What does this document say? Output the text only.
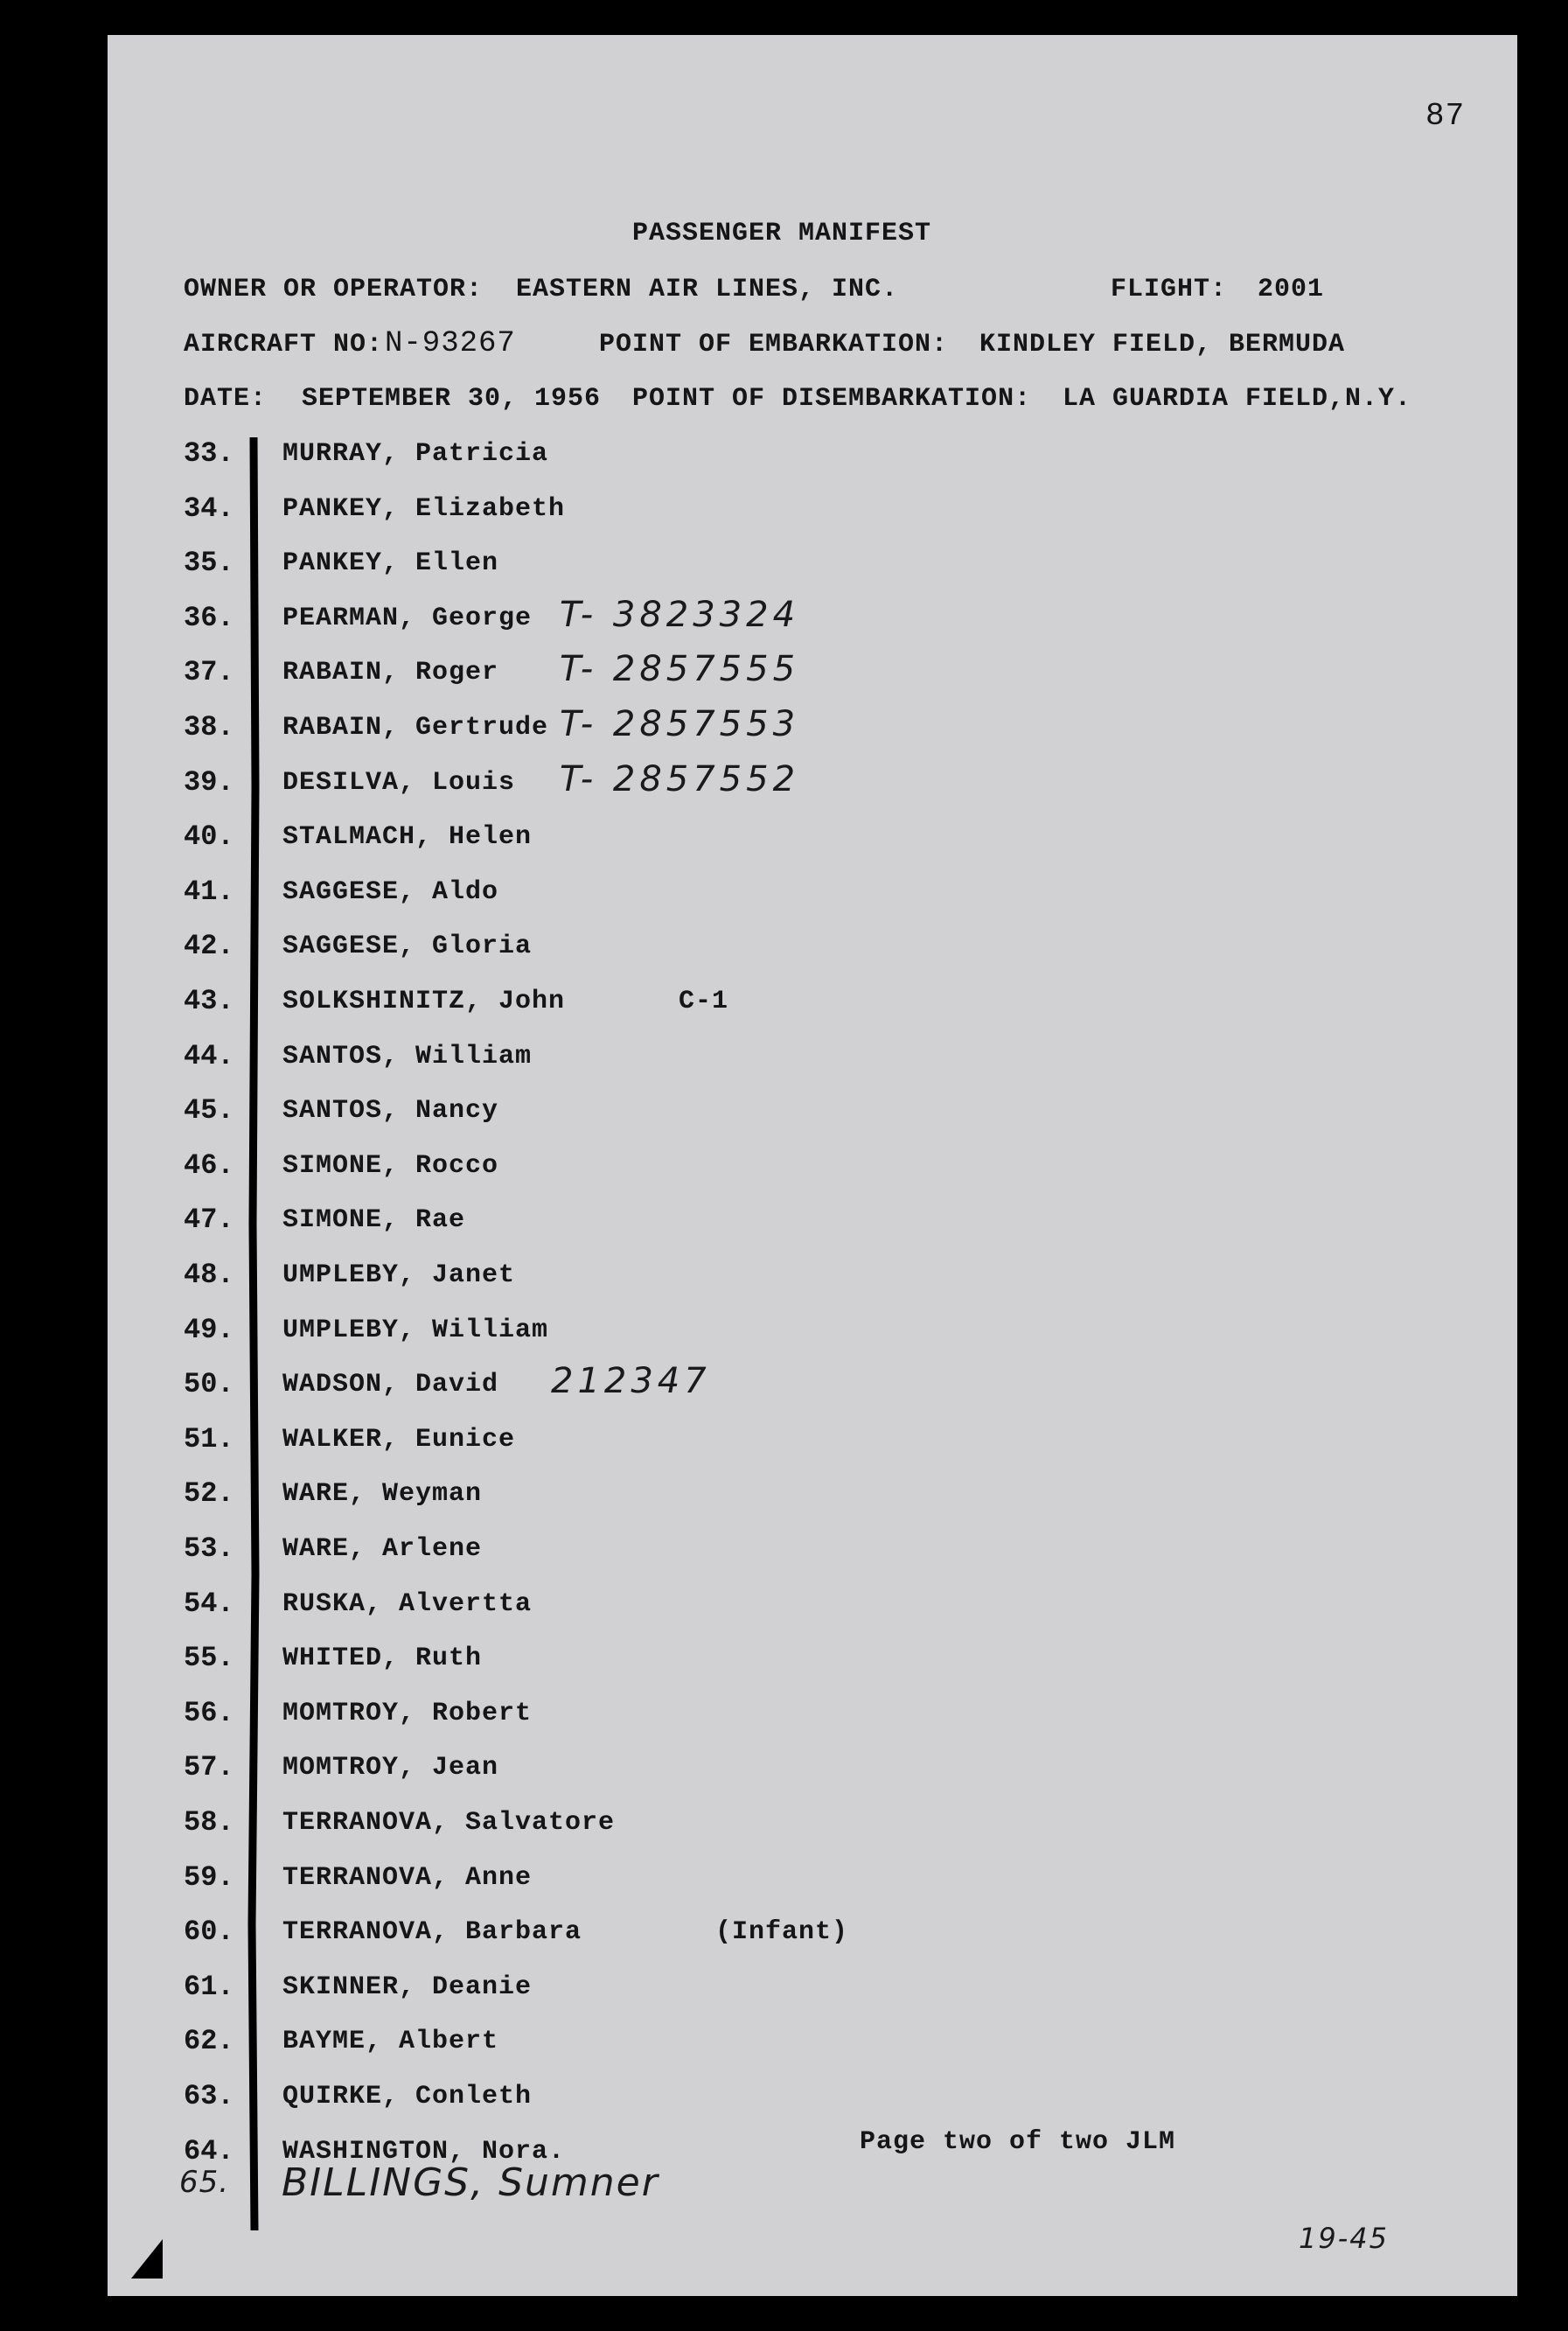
87
PASSENGER MANIFEST
OWNER OR OPERATOR: EASTERN AIR LINES, INC.	FLIGHT: 2001
AIRCRAFT NO: N-93267	POINT OF EMBARKATION: KINDLEY FIELD, BERMUDA
DATE: SEPTEMBER 30, 1956 POINT OF DISEMBARKATION: LA GUARDIA FIELD,N.Y.
33. MURRAY, Patricia
34. PANKEY, Elizabeth
35. PANKEY, Ellen
36. PEARMAN, George T- 3823324
37. RABAIN, Roger T- 2857555
38. RABAIN, Gertrude T- 2857553
39. DESILVA, Louis T- 2857552
40. STALMACH, Helen
41. SAGGESE, Aldo
42. SAGGESE, Gloria
43. SOLKSHINITZ, John	C-1
44. SANTOS, William
45. SANTOS, Nancy
46. SIMONE, Rocco
47. SIMONE, Rae
48. UMPLEBY, Janet
49. UMPLEBY, William
50. WADSON, David 212347
51. WALKER, Eunice
52. WARE, Weyman
53. WARE, Arlene
54. RUSKA, Alvertta
55. WHITED, Ruth
56. MOMTROY, Robert
57. MOMTROY, Jean
58. TERRANOVA, Salvatore
59. TERRANOVA, Anne
60. TERRANOVA, Barbara	(Infant)
61. SKINNER, Deanie
62. BAYME, Albert
63. QUIRKE, Conleth
64. WASHINGTON, Nora.
65. BILLINGS, Sumner
Page two of two JLM
19-45
